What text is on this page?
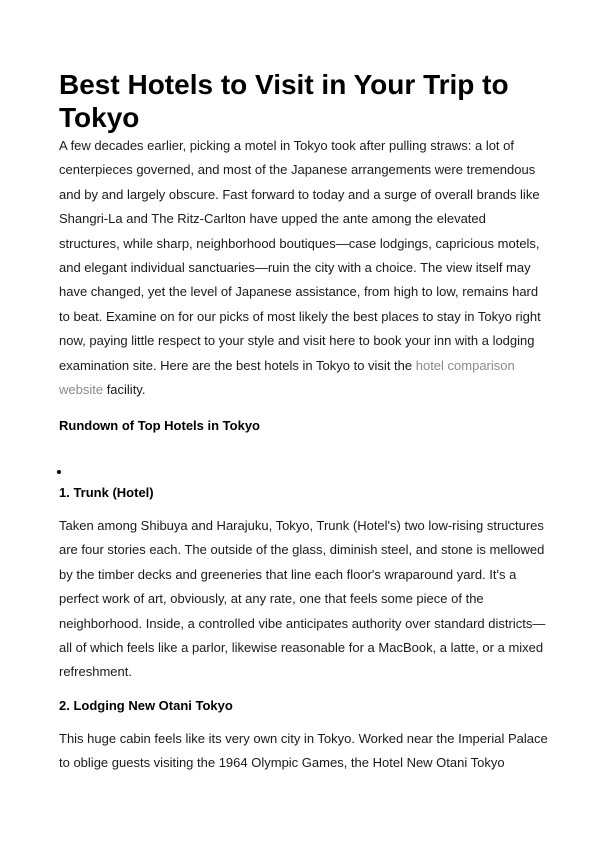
Best Hotels to Visit in Your Trip to Tokyo

A few decades earlier, picking a motel in Tokyo took after pulling straws: a lot of centerpieces governed, and most of the Japanese arrangements were tremendous and by and largely obscure. Fast forward to today and a surge of overall brands like Shangri-La and The Ritz-Carlton have upped the ante among the elevated structures, while sharp, neighborhood boutiques—case lodgings, capricious motels, and elegant individual sanctuaries—ruin the city with a choice. The view itself may have changed, yet the level of Japanese assistance, from high to low, remains hard to beat. Examine on for our picks of most likely the best places to stay in Tokyo right now, paying little respect to your style and visit here to book your inn with a lodging examination site. Here are the best hotels in Tokyo to visit the hotel comparison website facility.

Rundown of Top Hotels in Tokyo
1. Trunk (Hotel)

Taken among Shibuya and Harajuku, Tokyo, Trunk (Hotel's) two low-rising structures are four stories each. The outside of the glass, diminish steel, and stone is mellowed by the timber decks and greeneries that line each floor's wraparound yard. It's a perfect work of art, obviously, at any rate, one that feels some piece of the neighborhood. Inside, a controlled vibe anticipates authority over standard districts—all of which feels like a parlor, likewise reasonable for a MacBook, a latte, or a mixed refreshment.

2. Lodging New Otani Tokyo

This huge cabin feels like its very own city in Tokyo. Worked near the Imperial Palace to oblige guests visiting the 1964 Olympic Games, the Hotel New Otani Tokyo
